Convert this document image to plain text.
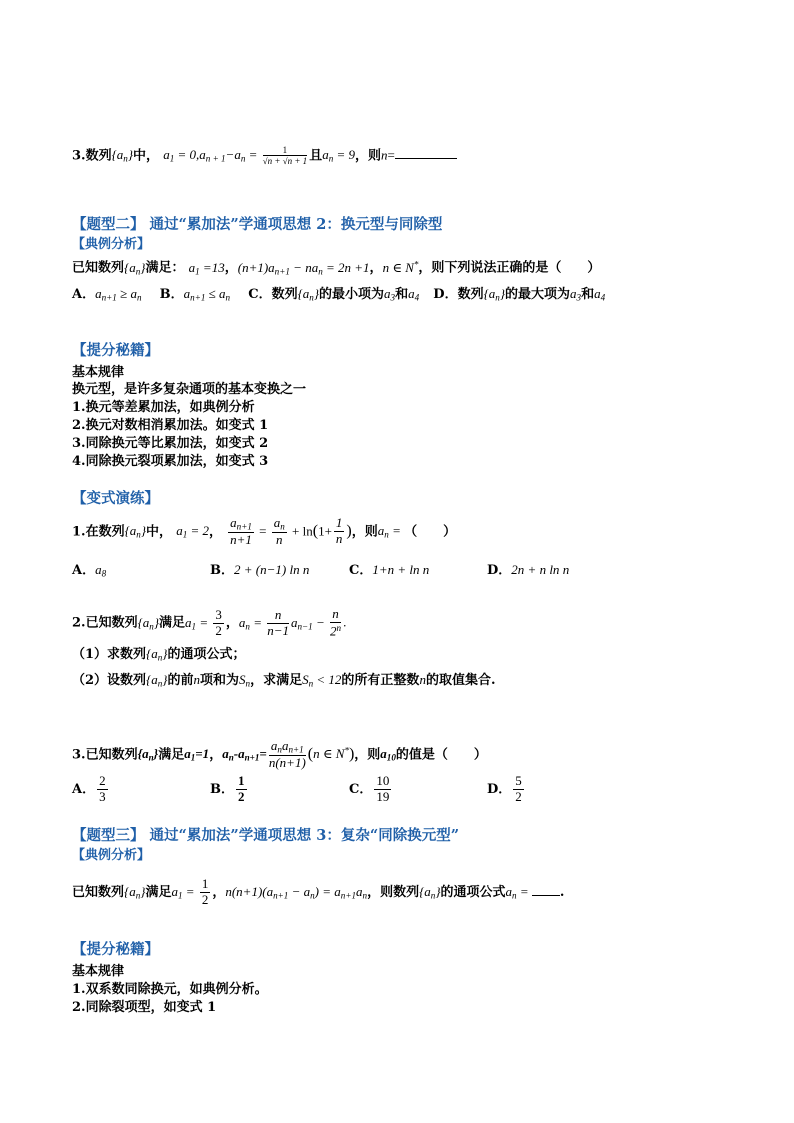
3.数列$\{a_n\}$中， $a_1 = 0,a_{n + 1}-a_n = \frac{1}{√n + √n + 1}$ 且$a_n = 9$，则n=
【题型二】 通过“累加法”学通项思想 2：换元型与同除型
【典例分析】
已知数列$\{a_n\}$满足： $a_1 =13$，$(n+1)a_{n+1} - na_n = 2n +1$，n ∈ N*，则下列说法正确的是（　　）
A．$a_{n+1} \ge a_n$ B．$a_{n+1} \le a_n$ C．数列$\{a_n\}$的最小项为$a_3$和$a_4$ D．数列$\{a_n\}$的最大项为$a_3$和$a_4$
【提分秘籍】
基本规律
换元型，是许多复杂通项的基本变换之一
1.换元等差累加法，如典例分析
2.换元对数相消累加法。如变式 1
3.同除换元等比累加法，如变式 2
4.同除换元裂项累加法，如变式 3
【变式演练】
1.在数列$\{a_n\}$中， $a_1 = 2$， $\frac{a_{n+1}}{n+1} = \frac{a_n}{n} + \ln(1+ \frac{1}{n}$ )，则$a_n$ = （　　）
A．$a_8$	B．2 + (n−1) ln n	C．1+n + ln n	D．2n + n ln n
2.已知数列$\{a_n\}$满足$a_1 = \frac{3}{2}$ ，$a_n = \frac{n}{n-1} a_{n-1} - \frac{n}{2^n}$ .
（1）求数列$\{a_n\}$的通项公式；
（2）设数列$\{a_n\}$的前n项和为$S_n$，求满足$S_n < 12$的所有正整数n的取值集合.
3.已知数列$\{a_n\}$满足$a_1=1$，$a_n-a_{n+1}= \frac{a_na_{n+1}}{n(n+1)} (n$ ∈ N*)，则$a_{10}$的值是（　　）
A． $\frac{2}{3}$	B． $\frac{1}{2}$	C． $\frac{10}{19}$	D． $\frac{5}{2}$
【题型三】 通过“累加法”学通项思想 3：复杂“同除换元型”
【典例分析】
已知数列$\{a_n\}$满足$a_1 = \frac{1}{2}$ ，$n(n+1)(a_{n+1} - a_n) = a_{n+1}a_n$，则数列$\{a_n\}$的通项公式$a_n$ = .
【提分秘籍】
基本规律
1.双系数同除换元，如典例分析。
2.同除裂项型，如变式 1
